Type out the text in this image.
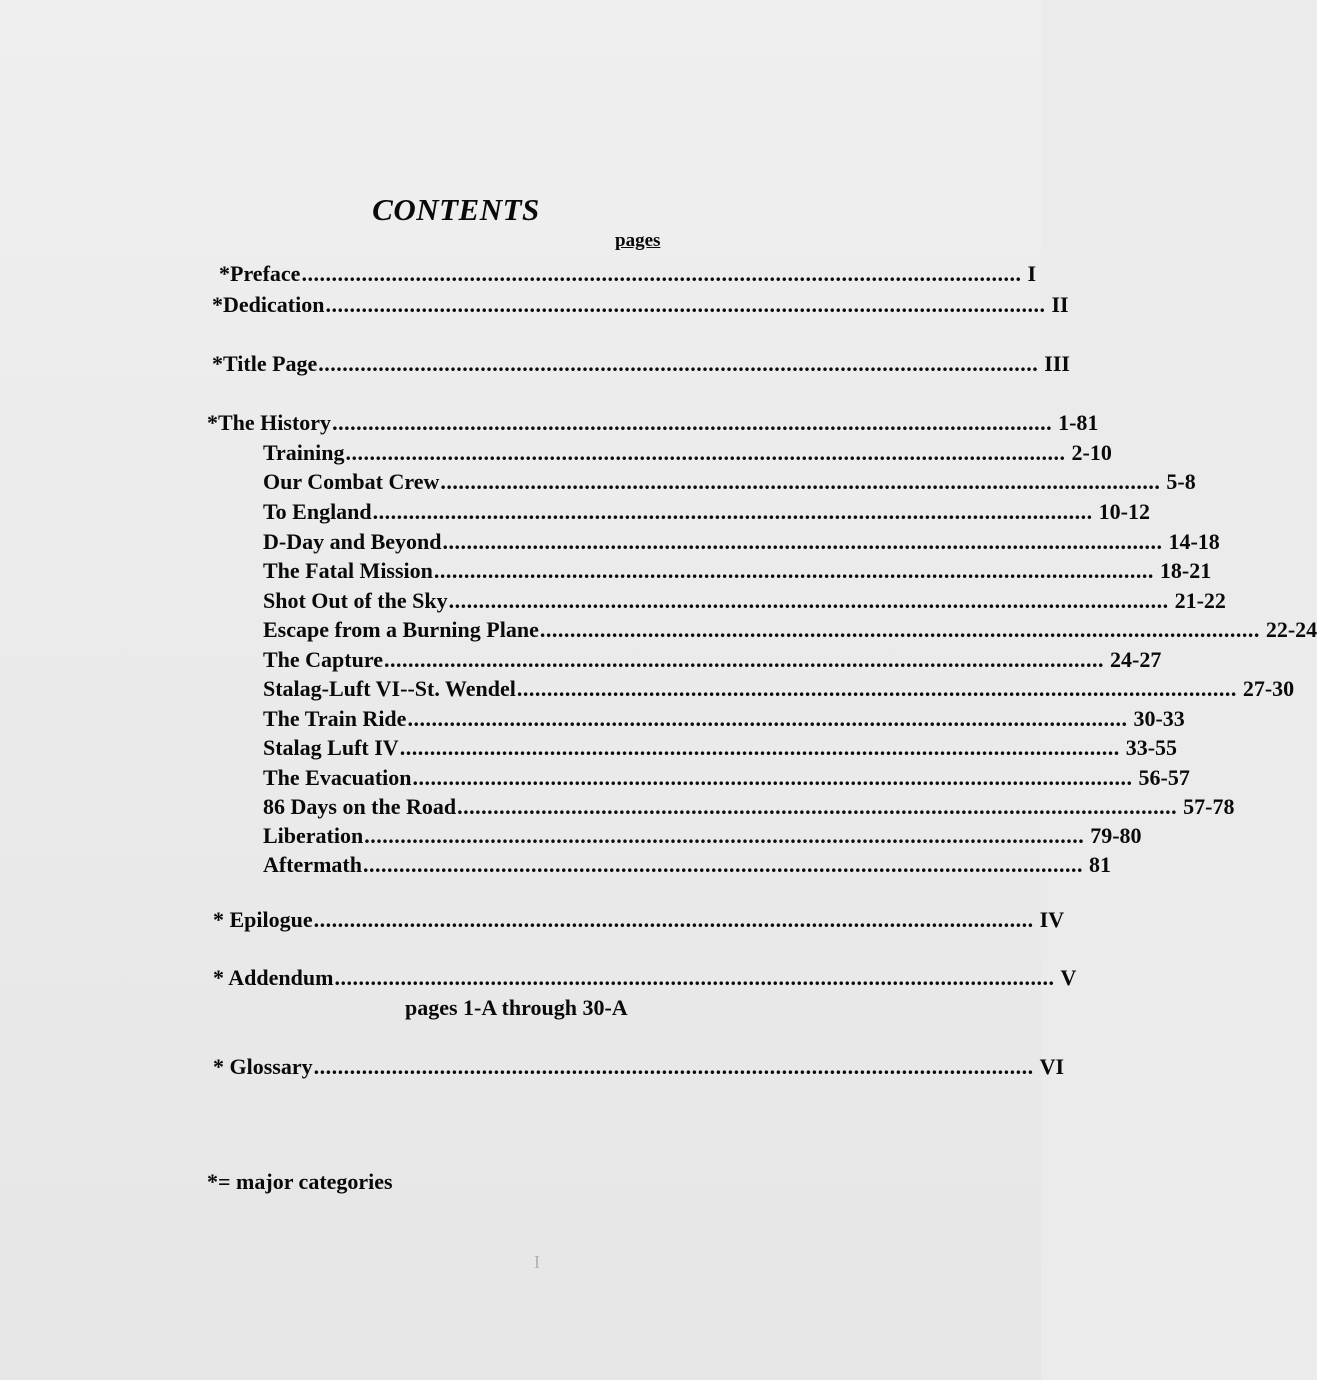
CONTENTS
pages
*Preface ........................................................................................................................ I
*Dedication ........................................................................................................................ II
*Title Page ........................................................................................................................ III
*The History ........................................................................................................................ 1-81
Training ........................................................................................................................ 2-10
Our Combat Crew ........................................................................................................................ 5-8
To England ........................................................................................................................ 10-12
D-Day and Beyond ........................................................................................................................ 14-18
The Fatal Mission ........................................................................................................................ 18-21
Shot Out of the Sky ........................................................................................................................ 21-22
Escape from a Burning Plane ........................................................................................................................ 22-24
The Capture ........................................................................................................................ 24-27
Stalag-Luft VI--St. Wendel ........................................................................................................................ 27-30
The Train Ride ........................................................................................................................ 30-33
Stalag Luft IV ........................................................................................................................ 33-55
The Evacuation ........................................................................................................................ 56-57
86 Days on the Road ........................................................................................................................ 57-78
Liberation ........................................................................................................................ 79-80
Aftermath ........................................................................................................................ 81
* Epilogue ........................................................................................................................ IV
* Addendum ........................................................................................................................ V
pages 1-A through 30-A
* Glossary ........................................................................................................................ VI
*= major categories
I
